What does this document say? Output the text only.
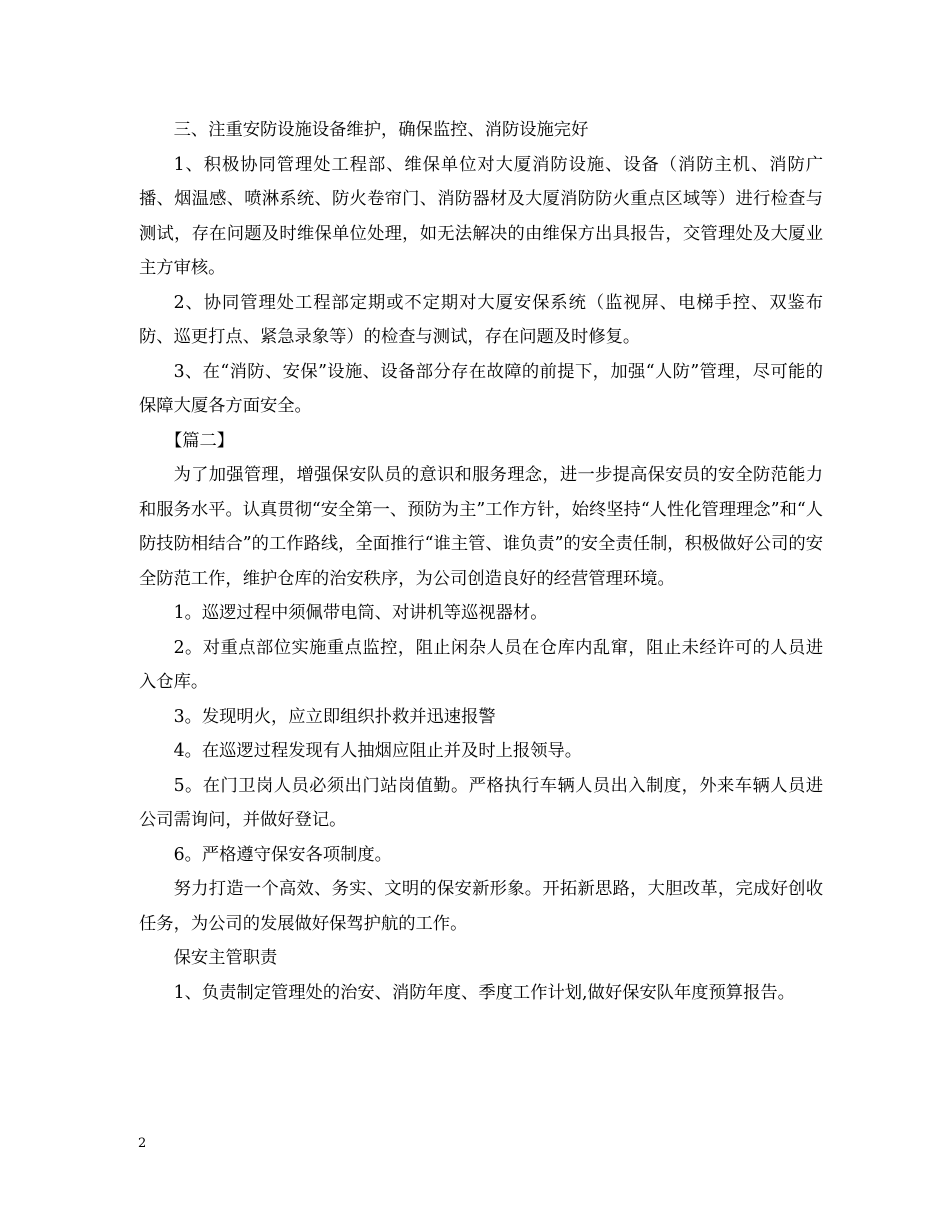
三、注重安防设施设备维护，确保监控、消防设施完好

1、积极协同管理处工程部、维保单位对大厦消防设施、设备（消防主机、消防广播、烟温感、喷淋系统、防火卷帘门、消防器材及大厦消防防火重点区域等）进行检查与测试，存在问题及时维保单位处理，如无法解决的由维保方出具报告，交管理处及大厦业主方审核。

2、协同管理处工程部定期或不定期对大厦安保系统（监视屏、电梯手控、双鉴布防、巡更打点、紧急录象等）的检查与测试，存在问题及时修复。

3、在“消防、安保”设施、设备部分存在故障的前提下，加强“人防”管理，尽可能的保障大厦各方面安全。

【篇二】

为了加强管理，增强保安队员的意识和服务理念，进一步提高保安员的安全防范能力和服务水平。认真贯彻“安全第一、预防为主”工作方针，始终坚持“人性化管理理念”和“人防技防相结合”的工作路线，全面推行“谁主管、谁负责”的安全责任制，积极做好公司的安全防范工作，维护仓库的治安秩序，为公司创造良好的经营管理环境。

1。巡逻过程中须佩带电筒、对讲机等巡视器材。

2。对重点部位实施重点监控，阻止闲杂人员在仓库内乱窜，阻止未经许可的人员进入仓库。

3。发现明火，应立即组织扑救并迅速报警

4。在巡逻过程发现有人抽烟应阻止并及时上报领导。

5。在门卫岗人员必须出门站岗值勤。严格执行车辆人员出入制度，外来车辆人员进公司需询问，并做好登记。

6。严格遵守保安各项制度。

努力打造一个高效、务实、文明的保安新形象。开拓新思路，大胆改革，完成好创收任务，为公司的发展做好保驾护航的工作。

保安主管职责

1、负责制定管理处的治安、消防年度、季度工作计划,做好保安队年度预算报告。

2
